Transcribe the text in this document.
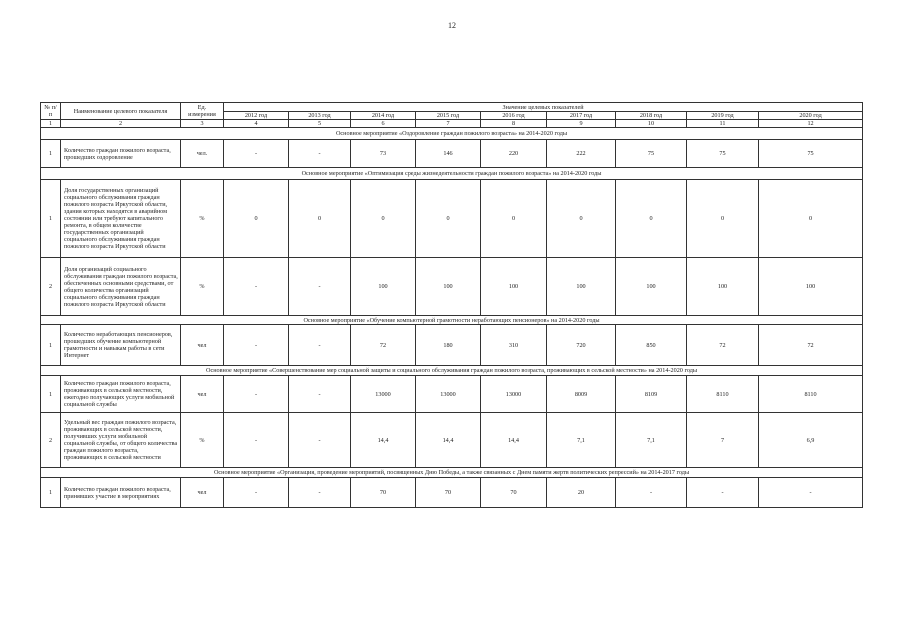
12
№ п/п	Наименование целевого показателя	Ед. измерения	Значение целевых показателей								
			2012 год	2013 год	2014 год	2015 год	2016 год	2017 год	2018 год	2019 год	2020 год
1	2	3	4	5	6	7	8	9	10	11	12
Основное мероприятие «Оздоровление граждан пожилого возраста» на 2014-2020 годы											
1	Количество граждан пожилого возраста, прошедших оздоровление	чел.	-	-	73	146	220	222	75	75	75
Основное мероприятие «Оптимизация среды жизнедеятельности граждан пожилого возраста» на 2014-2020 годы											
1	Доля государственных организаций социального обслуживания граждан пожилого возраста Иркутской области, здания которых находятся в аварийном состоянии или требуют капитального ремонта, в общем количестве государственных организаций социального обслуживания граждан пожилого возраста Иркутской области	%	0	0	0	0	0	0	0	0	0
2	Доля организаций социального обслуживания граждан пожилого возраста, обеспеченных основными средствами, от общего количества организаций социального обслуживания граждан пожилого возраста Иркутской области	%	-	-	100	100	100	100	100	100	100
Основное мероприятие «Обучение компьютерной грамотности неработающих пенсионеров» на 2014-2020 годы											
1	Количество неработающих пенсионеров, прошедших обучение компьютерной грамотности и навыкам работы в сети Интернет	чел	-	-	72	180	310	720	850	72	72
Основное мероприятие «Совершенствование мер социальной защиты и социального обслуживания граждан пожилого возраста, проживающих в сельской местности» на 2014-2020 годы											
1	Количество граждан пожилого возраста, проживающих в сельской местности, ежегодно получающих услуги мобильной социальной службы	чел	-	-	13000	13000	13000	8009	8109	8110	8110
2	Удельный вес граждан пожилого возраста, проживающих в сельской местности, получивших услуги мобильной социальной службы, от общего количества граждан пожилого возраста, проживающих в сельской местности	%	-	-	14,4	14,4	14,4	7,1	7,1	7	6,9
Основное мероприятие «Организация, проведение мероприятий, посвященных Дню Победы, а также связанных с Днем памяти жертв политических репрессий» на 2014-2017 годы											
1	Количество граждан пожилого возраста, принявших участие в мероприятиях	чел	-	-	70	70	70	20	-	-	-
